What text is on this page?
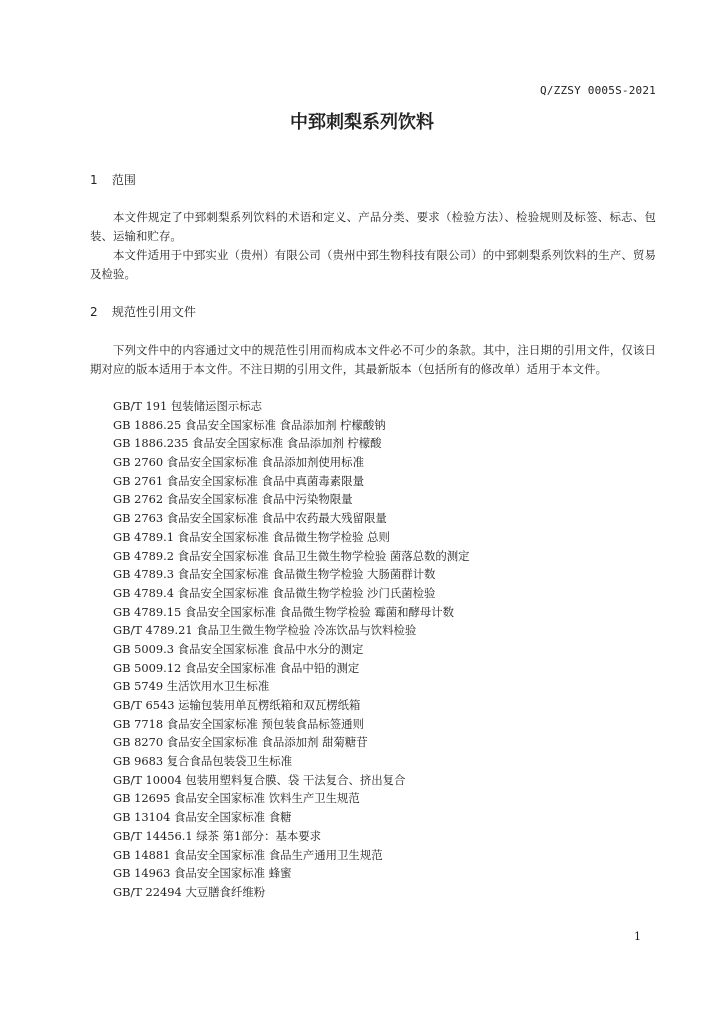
Q/ZZSY 0005S-2021
中郅刺梨系列饮料
1 范围

本文件规定了中郅刺梨系列饮料的术语和定义、产品分类、要求（检验方法）、检验规则及标签、标志、包装、运输和贮存。

本文件适用于中郅实业（贵州）有限公司（贵州中郅生物科技有限公司）的中郅刺梨系列饮料的生产、贸易及检验。

2 规范性引用文件

下列文件中的内容通过文中的规范性引用而构成本文件必不可少的条款。其中，注日期的引用文件，仅该日期对应的版本适用于本文件。不注日期的引用文件，其最新版本（包括所有的修改单）适用于本文件。

GB/T 191 包装储运图示标志
GB 1886.25 食品安全国家标准 食品添加剂 柠檬酸钠
GB 1886.235 食品安全国家标准 食品添加剂 柠檬酸
GB 2760 食品安全国家标准 食品添加剂使用标准
GB 2761 食品安全国家标准 食品中真菌毒素限量
GB 2762 食品安全国家标准 食品中污染物限量
GB 2763 食品安全国家标准 食品中农药最大残留限量
GB 4789.1 食品安全国家标准 食品微生物学检验 总则
GB 4789.2 食品安全国家标准 食品卫生微生物学检验 菌落总数的测定
GB 4789.3 食品安全国家标准 食品微生物学检验 大肠菌群计数
GB 4789.4 食品安全国家标准 食品微生物学检验 沙门氏菌检验
GB 4789.15 食品安全国家标准 食品微生物学检验 霉菌和酵母计数
GB/T 4789.21 食品卫生微生物学检验 冷冻饮品与饮料检验
GB 5009.3 食品安全国家标准 食品中水分的测定
GB 5009.12 食品安全国家标准 食品中铅的测定
GB 5749 生活饮用水卫生标准
GB/T 6543 运输包装用单瓦楞纸箱和双瓦楞纸箱
GB 7718 食品安全国家标准 预包装食品标签通则
GB 8270 食品安全国家标准 食品添加剂 甜菊糖苷
GB 9683 复合食品包装袋卫生标准
GB/T 10004 包装用塑料复合膜、袋 干法复合、挤出复合
GB 12695 食品安全国家标准 饮料生产卫生规范
GB 13104 食品安全国家标准 食糖
GB/T 14456.1 绿茶 第1部分：基本要求
GB 14881 食品安全国家标准 食品生产通用卫生规范
GB 14963 食品安全国家标准 蜂蜜
GB/T 22494 大豆膳食纤维粉
1
